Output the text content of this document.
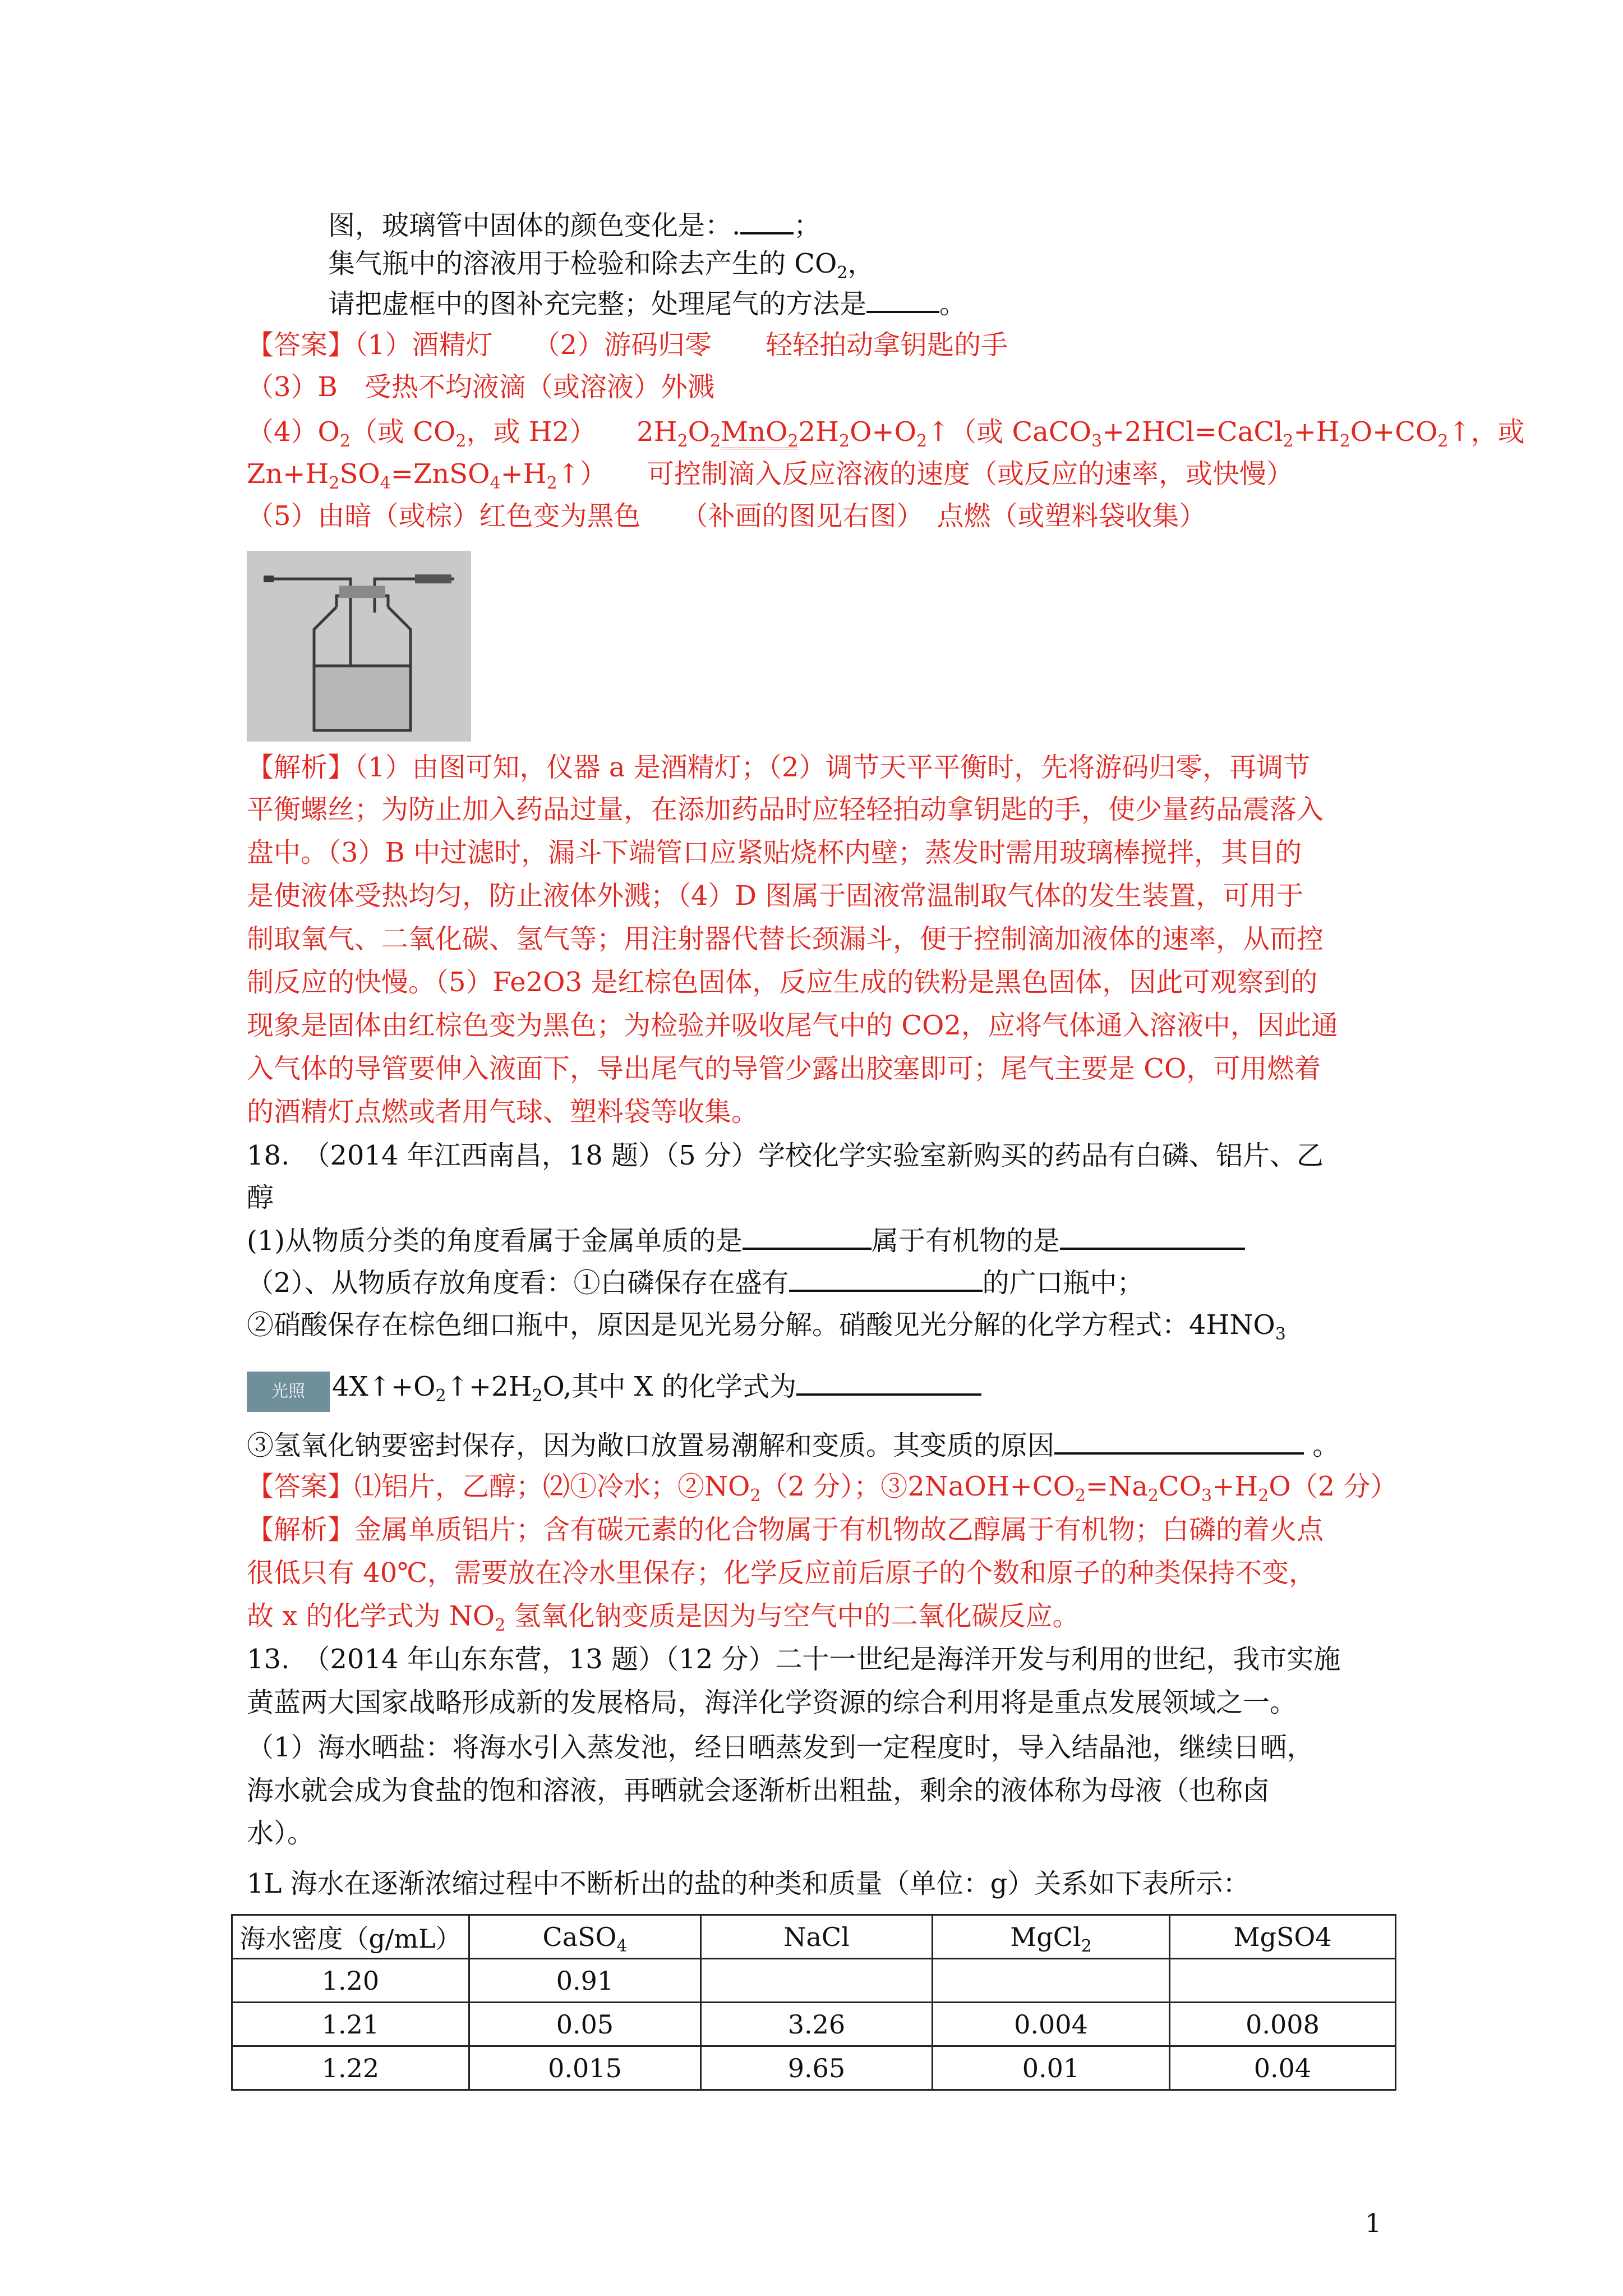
图，玻璃管中固体的颜色变化是：. ；
集气瓶中的溶液用于检验和除去产生的 $CO_2$，
请把虚框中的图补充完整；处理尾气的方法是	。
【答案】（1）酒精灯　　（2）游码归零　　轻轻拍动拿钥匙的手
（3）B　受热不均液滴（或溶液）外溅
$(4)O_2$（或 $CO_2$，或 H2）　　$2H_2O_2MnO_22H_2O+O_2↑$（或 $CaCO_3+2HCl=CaCl_2+H_2O+CO_2↑$，或
$Zn+H_2SO_4=ZnSO_4+H_2↑$）　　可控制滴入反应溶液的速度（或反应的速率，或快慢）
（5）由暗（或棕）红色变为黑色　　（补画的图见右图）　点燃（或塑料袋收集）
【解析】（1）由图可知，仪器 a 是酒精灯；（2）调节天平平衡时，先将游码归零，再调节
平衡螺丝；为防止加入药品过量，在添加药品时应轻轻拍动拿钥匙的手，使少量药品震落入
盘中。（3）B 中过滤时，漏斗下端管口应紧贴烧杯内壁；蒸发时需用玻璃棒搅拌，其目的
是使液体受热均匀，防止液体外溅；（4）D 图属于固液常温制取气体的发生装置，可用于
制取氧气、二氧化碳、氢气等；用注射器代替长颈漏斗，便于控制滴加液体的速率，从而控
制反应的快慢。（5）Fe2O3 是红棕色固体，反应生成的铁粉是黑色固体，因此可观察到的
现象是固体由红棕色变为黑色；为检验并吸收尾气中的 CO2，应将气体通入溶液中，因此通
入气体的导管要伸入液面下，导出尾气的导管少露出胶塞即可；尾气主要是 CO，可用燃着
的酒精灯点燃或者用气球、塑料袋等收集。
18.　（2014 年江西南昌，18 题）（5 分）学校化学实验室新购买的药品有白磷、铝片、乙
醇
(1)从物质分类的角度看属于金属单质的是	属于有机物的是
（2）、从物质存放角度看：①白磷保存在盛有	的广口瓶中；
②硝酸保存在棕色细口瓶中，原因是见光易分解。硝酸见光分解的化学方程式：$4HNO_3$
光照	$4X↑+O_2↑+2H_2O$,其中 X 的化学式为
③氢氧化钠要密封保存，因为敞口放置易潮解和变质。其变质的原因	。
【答案】⑴铝片，乙醇；⑵①冷水；$②NO_2(2$ 分）；$③2NaOH+CO_2=Na_2CO_3+H_2O(2$ 分）
【解析】金属单质铝片；含有碳元素的化合物属于有机物故乙醇属于有机物；白磷的着火点
很低只有 40℃，需要放在冷水里保存；化学反应前后原子的个数和原子的种类保持不变，
故 x 的化学式为 $NO_2$ 氢氧化钠变质是因为与空气中的二氧化碳反应。
13.　（2014 年山东东营，13 题）（12 分）二十一世纪是海洋开发与利用的世纪，我市实施
黄蓝两大国家战略形成新的发展格局，海洋化学资源的综合利用将是重点发展领域之一。
（1）海水晒盐：将海水引入蒸发池，经日晒蒸发到一定程度时，导入结晶池，继续日晒，
海水就会成为食盐的饱和溶液，再晒就会逐渐析出粗盐，剩余的液体称为母液（也称卤
水）。
1L 海水在逐渐浓缩过程中不断析出的盐的种类和质量（单位：g）关系如下表所示：
海水密度（g/mL）	CaSO$_4$	NaCl	MgCl$_2$	MgSO4
1.20	0.91			
1.21	0.05	3.26	0.004	0.008
1.22	0.015	9.65	0.01	0.04
1
